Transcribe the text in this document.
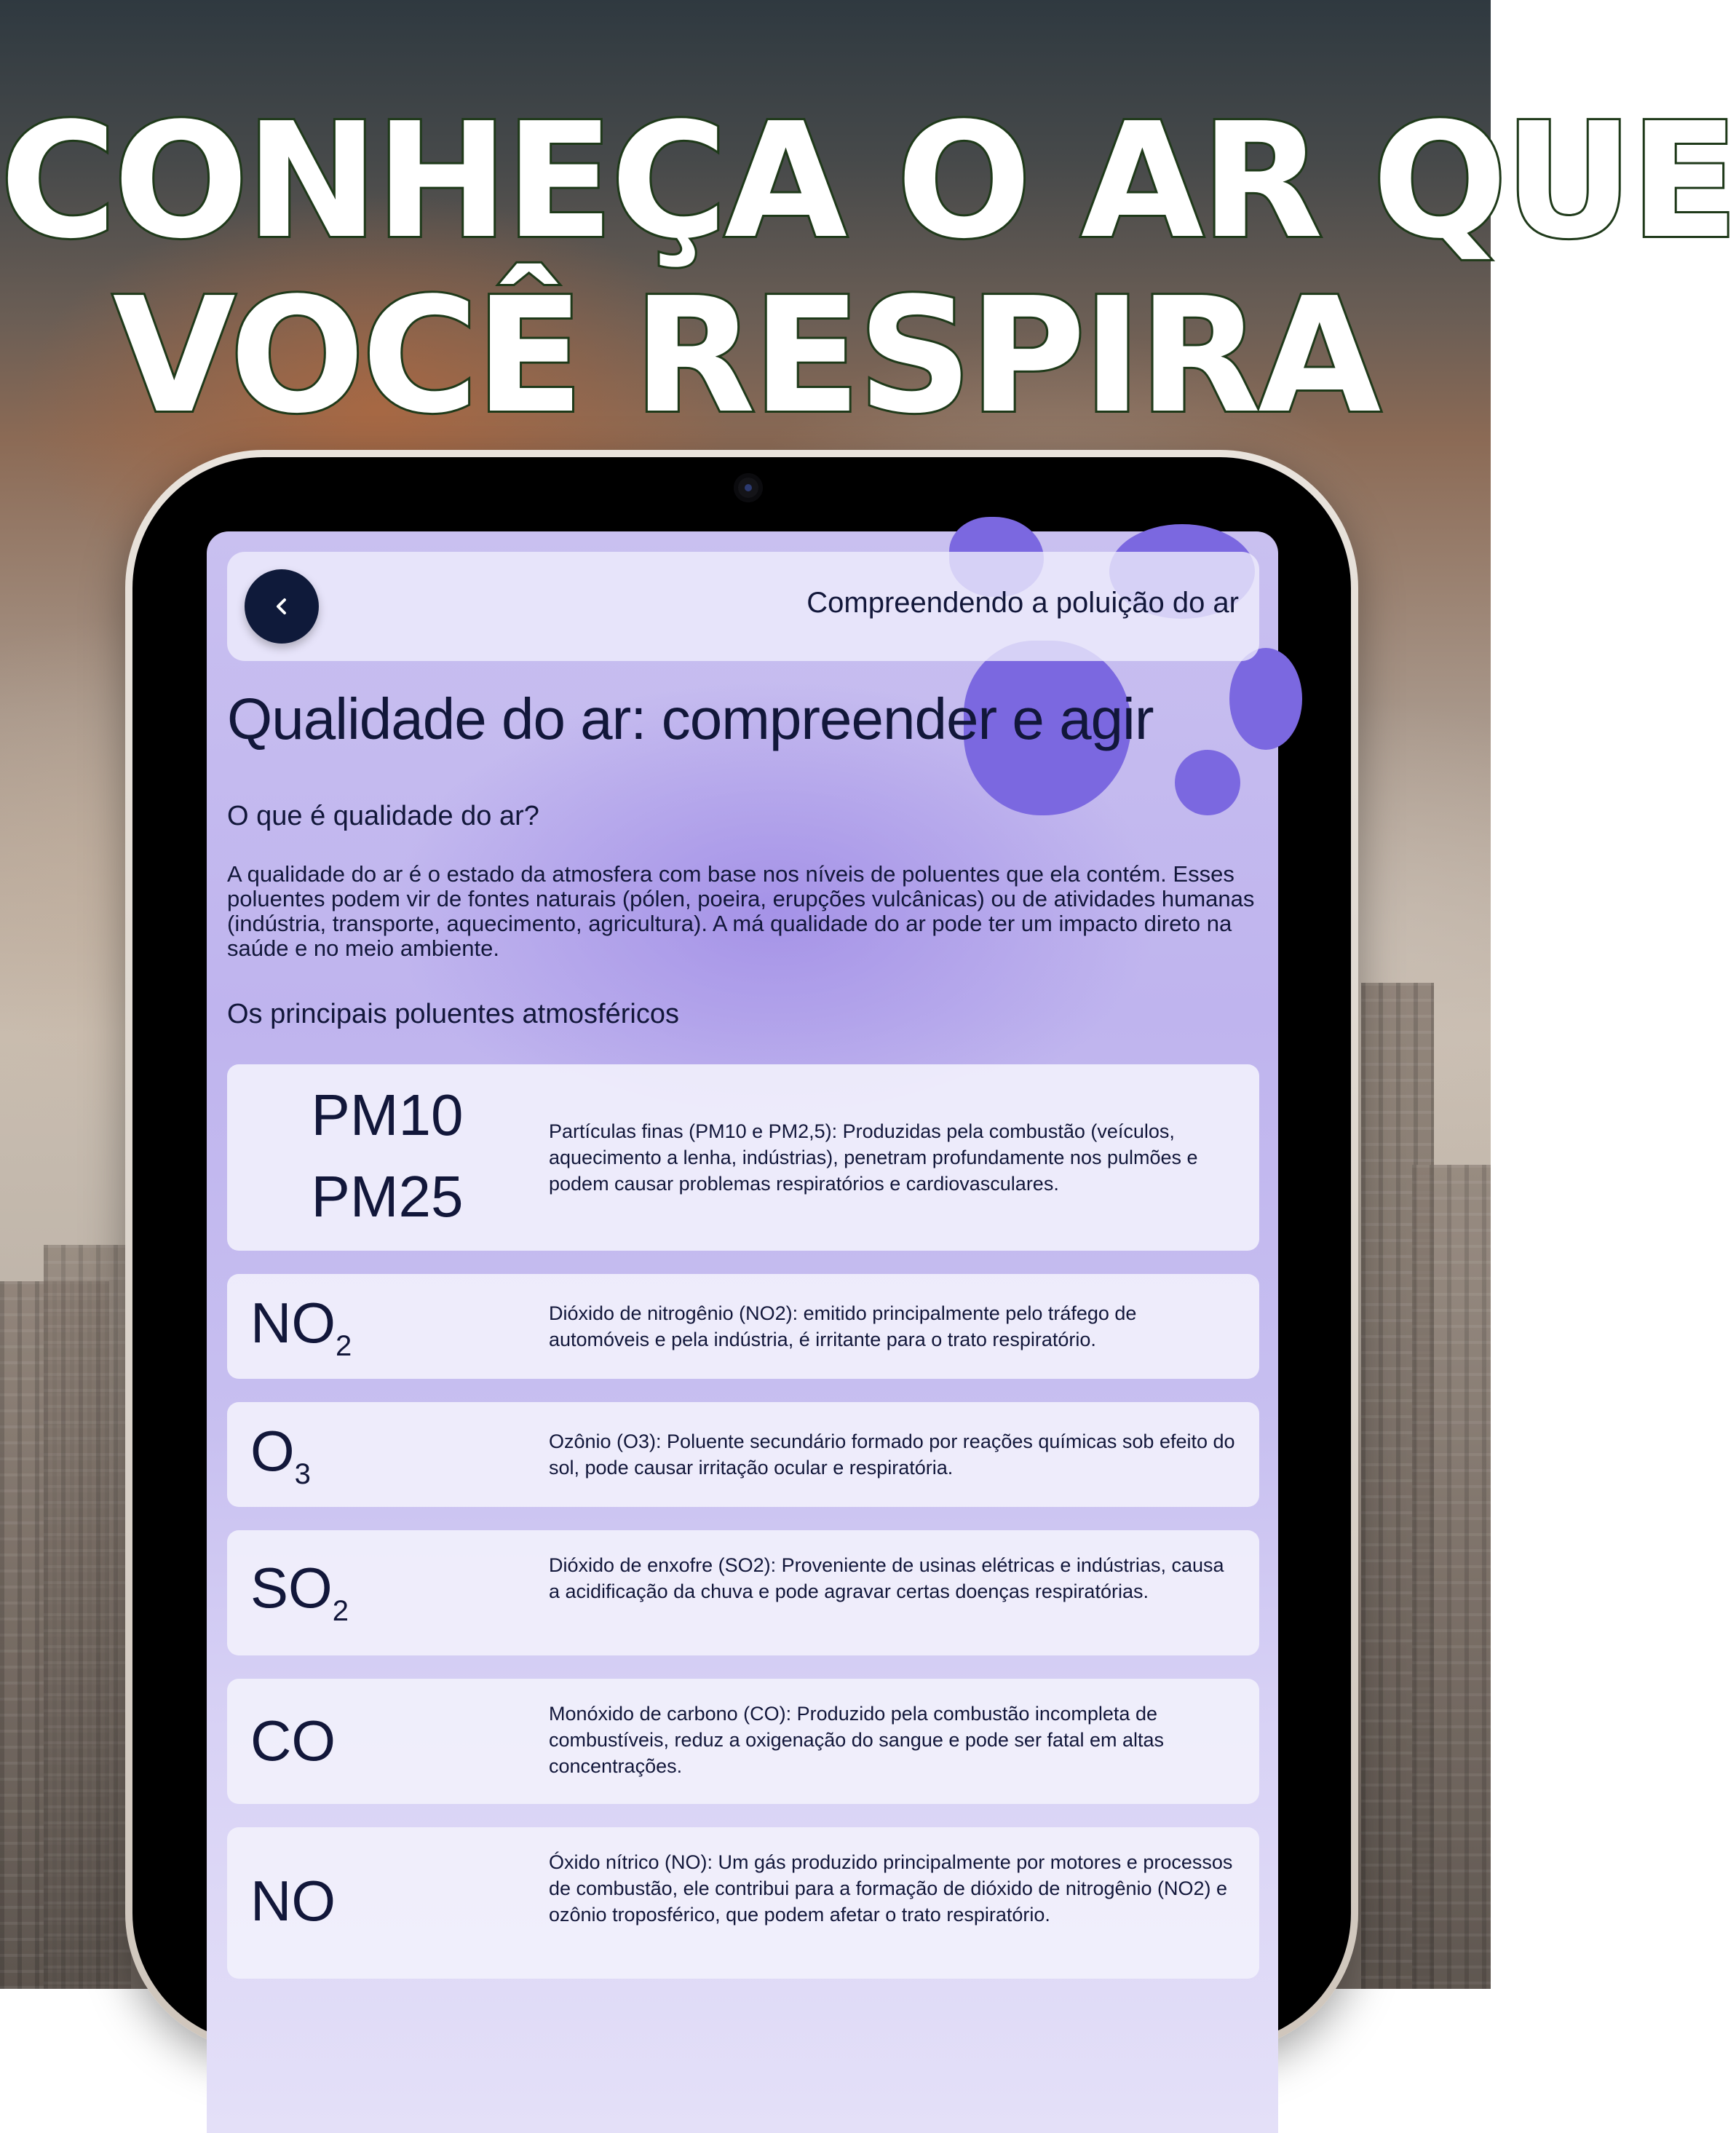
CONHEÇA O AR QUE
VOCÊ RESPIRA
Compreendendo a poluição do ar
Qualidade do ar: compreender e agir
O que é qualidade do ar?
A qualidade do ar é o estado da atmosfera com base nos níveis de poluentes que ela contém. Esses poluentes podem vir de fontes naturais (pólen, poeira, erupções vulcânicas) ou de atividades humanas (indústria, transporte, aquecimento, agricultura). A má qualidade do ar pode ter um impacto direto na saúde e no meio ambiente.
Os principais poluentes atmosféricos
PM10
PM25
Partículas finas (PM10 e PM2,5): Produzidas pela combustão (veículos, aquecimento a lenha, indústrias), penetram profundamente nos pulmões e podem causar problemas respiratórios e cardiovasculares.
$NO_2$
Dióxido de nitrogênio (NO2): emitido principalmente pelo tráfego de automóveis e pela indústria, é irritante para o trato respiratório.
$O_3$
Ozônio (O3): Poluente secundário formado por reações químicas sob efeito do sol, pode causar irritação ocular e respiratória.
$SO_2$
Dióxido de enxofre (SO2): Proveniente de usinas elétricas e indústrias, causa a acidificação da chuva e pode agravar certas doenças respiratórias.
CO	Monóxido de carbono (CO): Produzido pela combustão incompleta de combustíveis, reduz a oxigenação do sangue e pode ser fatal em altas concentrações.
NO
Óxido nítrico (NO): Um gás produzido principalmente por motores e processos de combustão, ele contribui para a formação de dióxido de nitrogênio (NO2) e ozônio troposférico, que podem afetar o trato respiratório.
